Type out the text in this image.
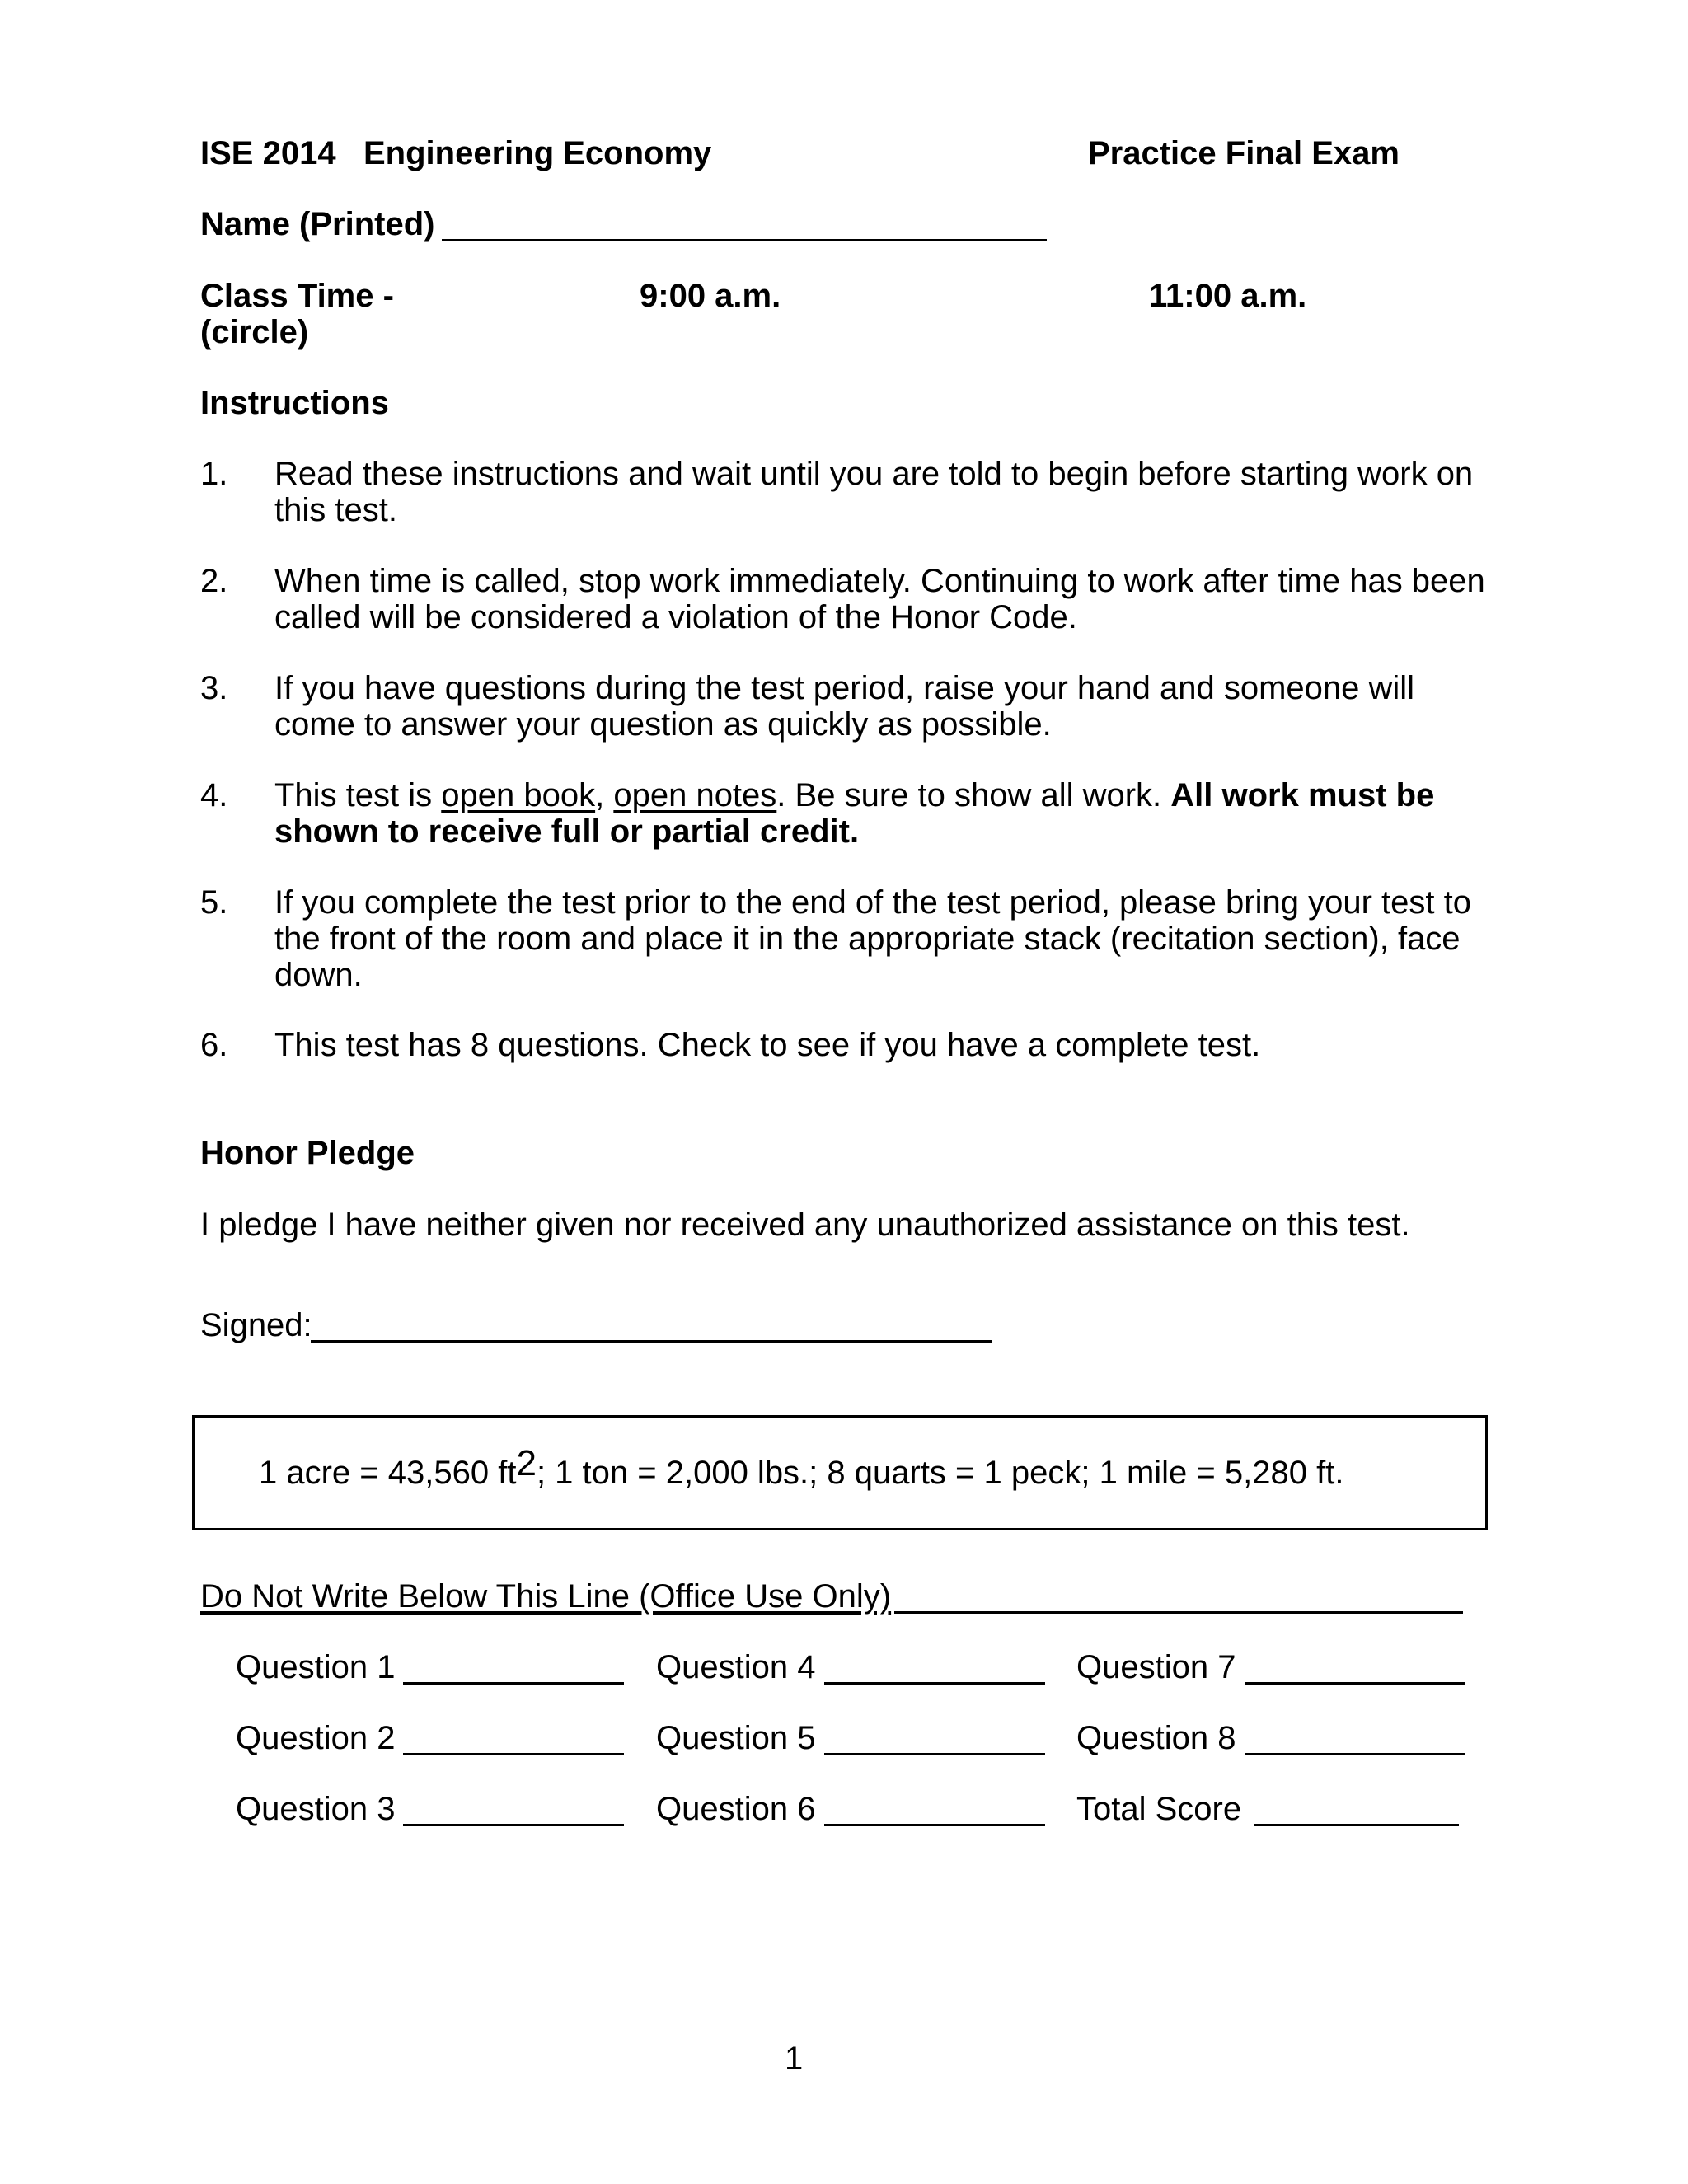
ISE 2014 Engineering Economy	Practice Final Exam
Name (Printed)
Class Time -
(circle)
9:00 a.m.	11:00 a.m.
Instructions
1. Read these instructions and wait until you are told to begin before starting work on this test.
2. When time is called, stop work immediately. Continuing to work after time has been called will be considered a violation of the Honor Code.
3. If you have questions during the test period, raise your hand and someone will come to answer your question as quickly as possible.
4. This test is open book, open notes. Be sure to show all work. All work must be shown to receive full or partial credit.
5. If you complete the test prior to the end of the test period, please bring your test to the front of the room and place it in the appropriate stack (recitation section), face down.
6. This test has 8 questions. Check to see if you have a complete test.
Honor Pledge
I pledge I have neither given nor received any unauthorized assistance on this test.
Signed:
1 acre = 43,560 ft2; 1 ton = 2,000 lbs.; 8 quarts = 1 peck; 1 mile = 5,280 ft.
Do Not Write Below This Line (Office Use Only)
Question 1	Question 4	Question 7
Question 2	Question 5	Question 8
Question 3	Question 6	Total Score
1
